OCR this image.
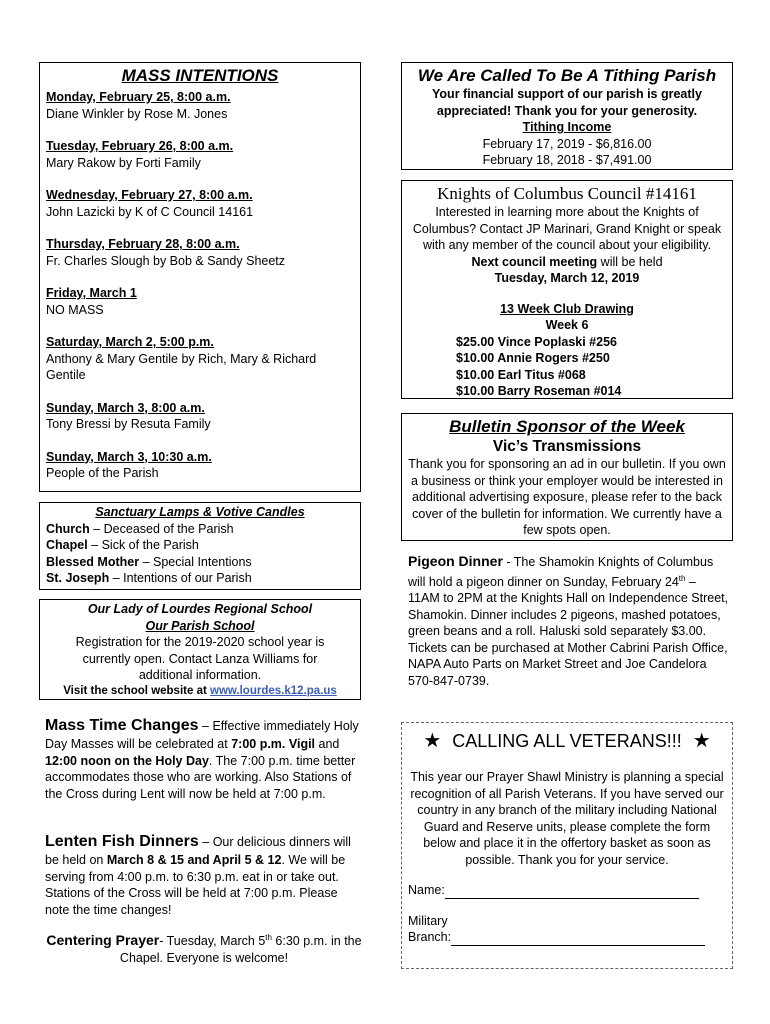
MASS INTENTIONS
Monday, February 25, 8:00 a.m.
Diane Winkler by Rose M. Jones
Tuesday, February 26, 8:00 a.m.
Mary Rakow by Forti Family
Wednesday, February 27, 8:00 a.m.
John Lazicki by K of C Council 14161
Thursday, February 28, 8:00 a.m.
Fr. Charles Slough by Bob & Sandy Sheetz
Friday, March 1
NO MASS
Saturday, March 2, 5:00 p.m.
Anthony & Mary Gentile by Rich, Mary & Richard Gentile
Sunday, March 3, 8:00 a.m.
Tony Bressi by Resuta Family
Sunday, March 3, 10:30 a.m.
People of the Parish
Sanctuary Lamps & Votive Candles
Church – Deceased of the Parish
Chapel – Sick of the Parish
Blessed Mother – Special Intentions
St. Joseph – Intentions of our Parish
Our Lady of Lourdes Regional School
Our Parish School
Registration for the 2019-2020 school year is currently open. Contact Lanza Williams for additional information.
Visit the school website at www.lourdes.k12.pa.us
Mass Time Changes – Effective immediately Holy Day Masses will be celebrated at 7:00 p.m. Vigil and 12:00 noon on the Holy Day. The 7:00 p.m. time better accommodates those who are working. Also Stations of the Cross during Lent will now be held at 7:00 p.m.
Lenten Fish Dinners – Our delicious dinners will be held on March 8 & 15 and April 5 & 12. We will be serving from 4:00 p.m. to 6:30 p.m. eat in or take out. Stations of the Cross will be held at 7:00 p.m. Please note the time changes!
Centering Prayer- Tuesday, March 5th 6:30 p.m. in the Chapel. Everyone is welcome!
We Are Called To Be A Tithing Parish
Your financial support of our parish is greatly appreciated! Thank you for your generosity.
Tithing Income
February 17, 2019 - $6,816.00
February 18, 2018 - $7,491.00
Knights of Columbus Council #14161
Interested in learning more about the Knights of Columbus? Contact JP Marinari, Grand Knight or speak with any member of the council about your eligibility. Next council meeting will be held
Tuesday, March 12, 2019
13 Week Club Drawing
Week 6
$25.00 Vince Poplaski #256
$10.00 Annie Rogers #250
$10.00 Earl Titus #068
$10.00 Barry Roseman #014
Bulletin Sponsor of the Week
Vic’s Transmissions
Thank you for sponsoring an ad in our bulletin. If you own a business or think your employer would be interested in additional advertising exposure, please refer to the back cover of the bulletin for information. We currently have a few spots open.
Pigeon Dinner - The Shamokin Knights of Columbus will hold a pigeon dinner on Sunday, February 24th – 11AM to 2PM at the Knights Hall on Independence Street, Shamokin. Dinner includes 2 pigeons, mashed potatoes, green beans and a roll. Haluski sold separately $3.00. Tickets can be purchased at Mother Cabrini Parish Office, NAPA Auto Parts on Market Street and Joe Candelora 570-847-0739.
★ CALLING ALL VETERANS!!! ★
This year our Prayer Shawl Ministry is planning a special recognition of all Parish Veterans. If you have served our country in any branch of the military including National Guard and Reserve units, please complete the form below and place it in the offertory basket as soon as possible. Thank you for your service.
Name:
Military
Branch:
